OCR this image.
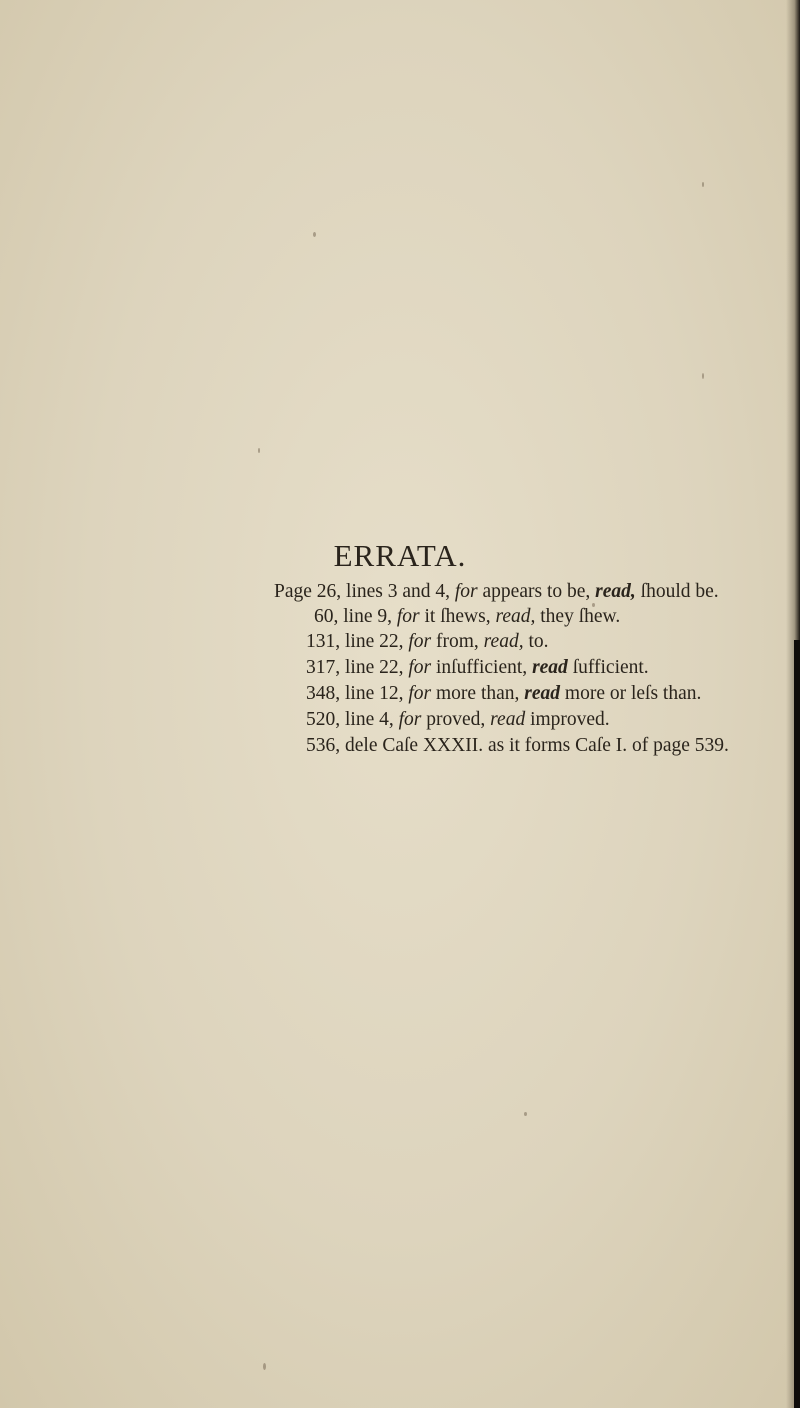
ERRATA.
Page 26, lines 3 and 4, for appears to be, read, ſhould be.
60, line 9, for it ſhews, read, they ſhew.
131, line 22, for from, read, to.
317, line 22, for inſufficient, read ſufficient.
348, line 12, for more than, read more or leſs than.
520, line 4, for proved, read improved.
536, dele Caſe XXXII. as it forms Caſe I. of page 539.
